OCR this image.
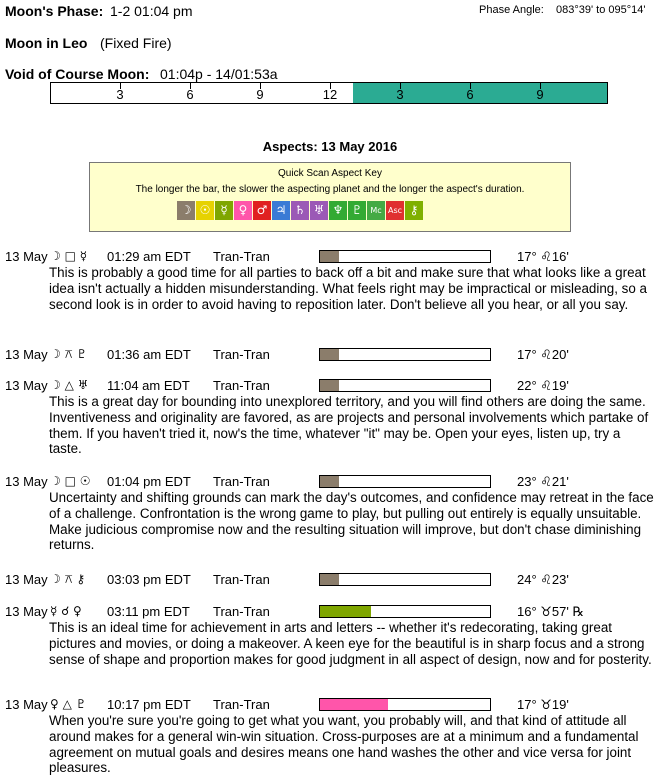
Moon's Phase: 1-2 01:04 pm	Phase Angle: 083°39' to 095°14'
Moon in Leo (Fixed Fire)
Void of Course Moon: 01:04p - 14/01:53a
3	6	9	12	3	6	9
Aspects: 13 May 2016
Quick Scan Aspect Key
The longer the bar, the slower the aspecting planet and the longer the aspect's duration.
☽ ☉ ☿ ♀ ♂ ♃ ♄ ♅ ♆ ♇ Mc Asc ⚷
13 May ☽ □ ☿ 01:29 am EDT Tran-Tran	17° ♌16'
This is probably a good time for all parties to back off a bit and make sure that what looks like a great idea isn't actually a hidden misunderstanding. What feels right may be impractical or misleading, so a second look is in order to avoid having to reposition later. Don't believe all you hear, or all you say.
13 May ☽ ⚻ ♇ 01:36 am EDT Tran-Tran	17° ♌20'
13 May ☽ △ ♅ 11:04 am EDT Tran-Tran	22° ♌19'
This is a great day for bounding into unexplored territory, and you will find others are doing the same. Inventiveness and originality are favored, as are projects and personal involvements which partake of them. If you haven't tried it, now's the time, whatever "it" may be. Open your eyes, listen up, try a taste.
13 May ☽ □ ☉ 01:04 pm EDT Tran-Tran	23° ♌21'
Uncertainty and shifting grounds can mark the day's outcomes, and confidence may retreat in the face of a challenge. Confrontation is the wrong game to play, but pulling out entirely is equally unsuitable. Make judicious compromise now and the resulting situation will improve, but don't chase diminishing returns.
13 May ☽ ⚻ ⚷ 03:03 pm EDT Tran-Tran	24° ♌23'
13 May ☿ ☌ ♀ 03:11 pm EDT Tran-Tran	16° ♉57' ℞
This is an ideal time for achievement in arts and letters -- whether it's redecorating, taking great pictures and movies, or doing a makeover. A keen eye for the beautiful is in sharp focus and a strong sense of shape and proportion makes for good judgment in all aspect of design, now and for posterity.
13 May ♀ △ ♇ 10:17 pm EDT Tran-Tran	17° ♉19'
When you're sure you're going to get what you want, you probably will, and that kind of attitude all around makes for a general win-win situation. Cross-purposes are at a minimum and a fundamental agreement on mutual goals and desires means one hand washes the other and vice versa for joint pleasures.
